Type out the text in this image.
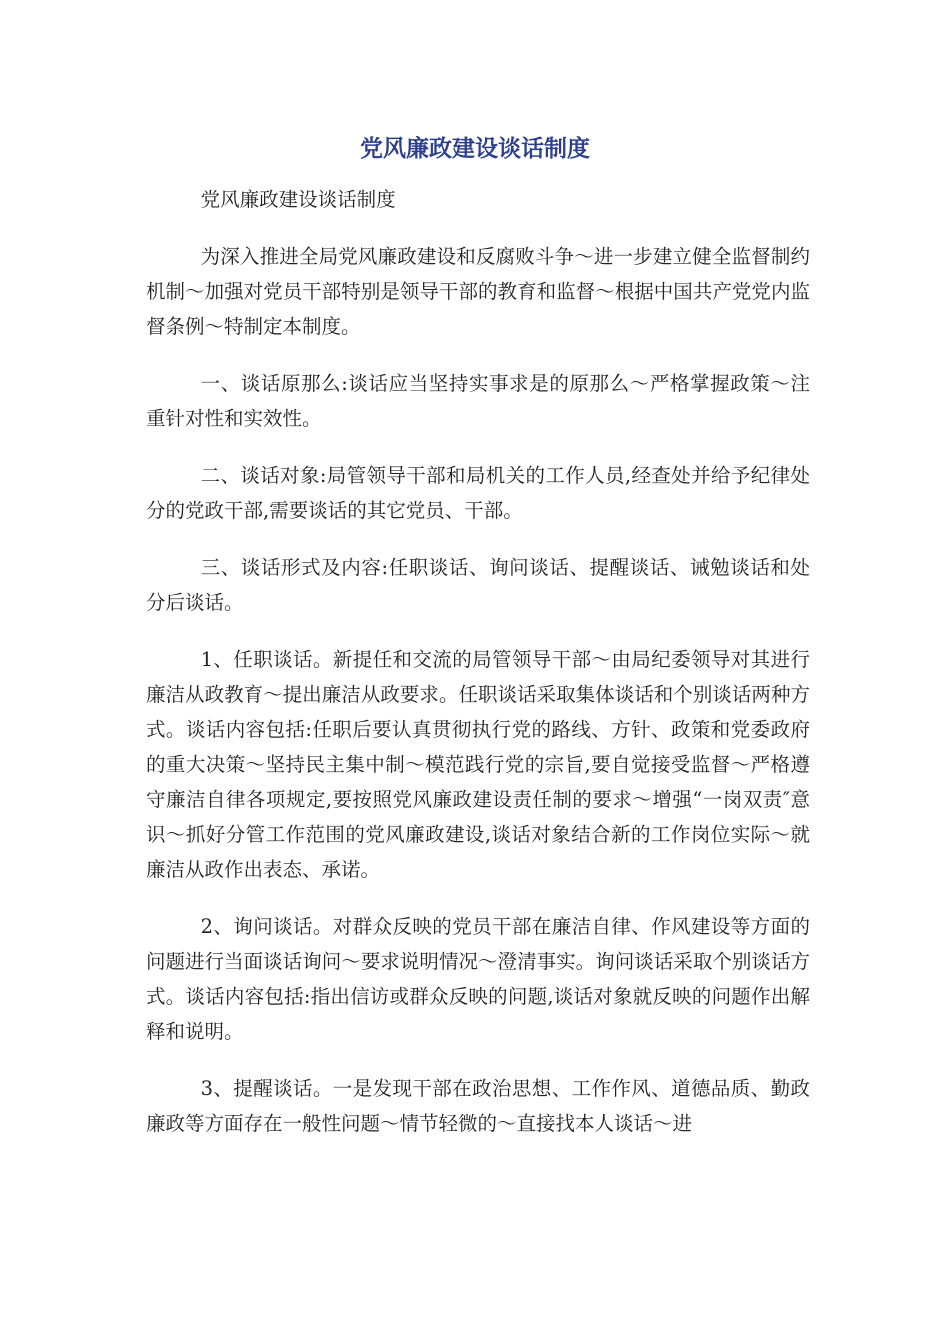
党风廉政建设谈话制度

党风廉政建设谈话制度

为深入推进全局党风廉政建设和反腐败斗争～进一步建立健全监督制约机制～加强对党员干部特别是领导干部的教育和监督～根据中国共产党党内监督条例～特制定本制度。

一、谈话原那么:谈话应当坚持实事求是的原那么～严格掌握政策～注重针对性和实效性。

二、谈话对象:局管领导干部和局机关的工作人员,经查处并给予纪律处分的党政干部,需要谈话的其它党员、干部。

三、谈话形式及内容:任职谈话、询问谈话、提醒谈话、诫勉谈话和处分后谈话。

1、任职谈话。新提任和交流的局管领导干部～由局纪委领导对其进行廉洁从政教育～提出廉洁从政要求。任职谈话采取集体谈话和个别谈话两种方式。谈话内容包括:任职后要认真贯彻执行党的路线、方针、政策和党委政府的重大决策～坚持民主集中制～模范践行党的宗旨,要自觉接受监督～严格遵守廉洁自律各项规定,要按照党风廉政建设责任制的要求～增强“一岗双责″意识～抓好分管工作范围的党风廉政建设,谈话对象结合新的工作岗位实际～就廉洁从政作出表态、承诺。

2、询问谈话。对群众反映的党员干部在廉洁自律、作风建设等方面的问题进行当面谈话询问～要求说明情况～澄清事实。询问谈话采取个别谈话方式。谈话内容包括:指出信访或群众反映的问题,谈话对象就反映的问题作出解释和说明。

3、提醒谈话。一是发现干部在政治思想、工作作风、道德品质、勤政廉政等方面存在一般性问题～情节轻微的～直接找本人谈话～进
